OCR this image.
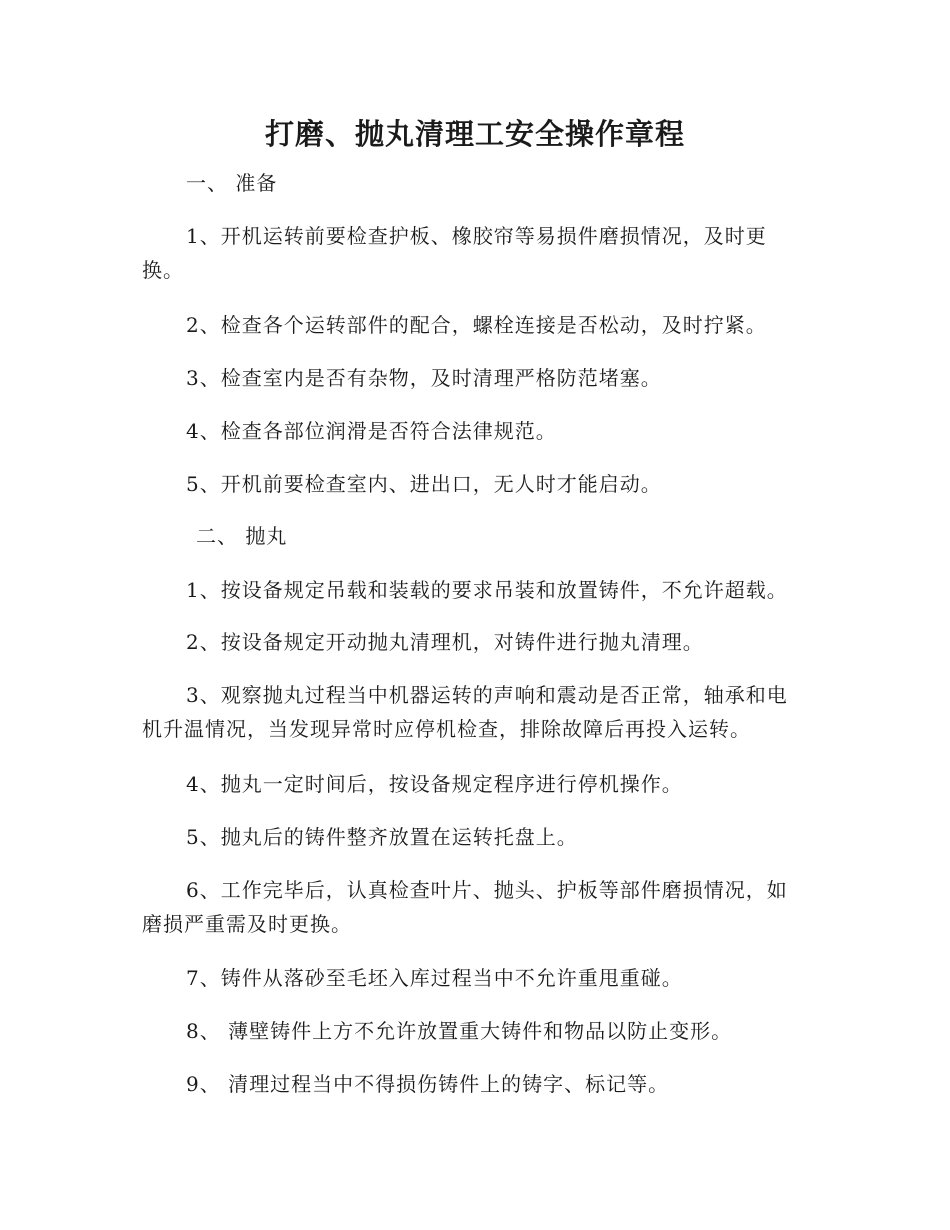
打磨、抛丸清理工安全操作章程
一、 准备

1、开机运转前要检查护板、橡胶帘等易损件磨损情况，及时更换。

2、检查各个运转部件的配合，螺栓连接是否松动，及时拧紧。

3、检查室内是否有杂物，及时清理严格防范堵塞。

4、检查各部位润滑是否符合法律规范。

5、开机前要检查室内、进出口，无人时才能启动。

二、 抛丸

1、按设备规定吊载和装载的要求吊装和放置铸件，不允许超载。

2、按设备规定开动抛丸清理机，对铸件进行抛丸清理。

3、观察抛丸过程当中机器运转的声响和震动是否正常，轴承和电机升温情况，当发现异常时应停机检查，排除故障后再投入运转。

4、抛丸一定时间后，按设备规定程序进行停机操作。

5、抛丸后的铸件整齐放置在运转托盘上。

6、工作完毕后，认真检查叶片、抛头、护板等部件磨损情况，如磨损严重需及时更换。

7、铸件从落砂至毛坯入库过程当中不允许重甩重碰。

8、 薄壁铸件上方不允许放置重大铸件和物品以防止变形。

9、 清理过程当中不得损伤铸件上的铸字、标记等。
